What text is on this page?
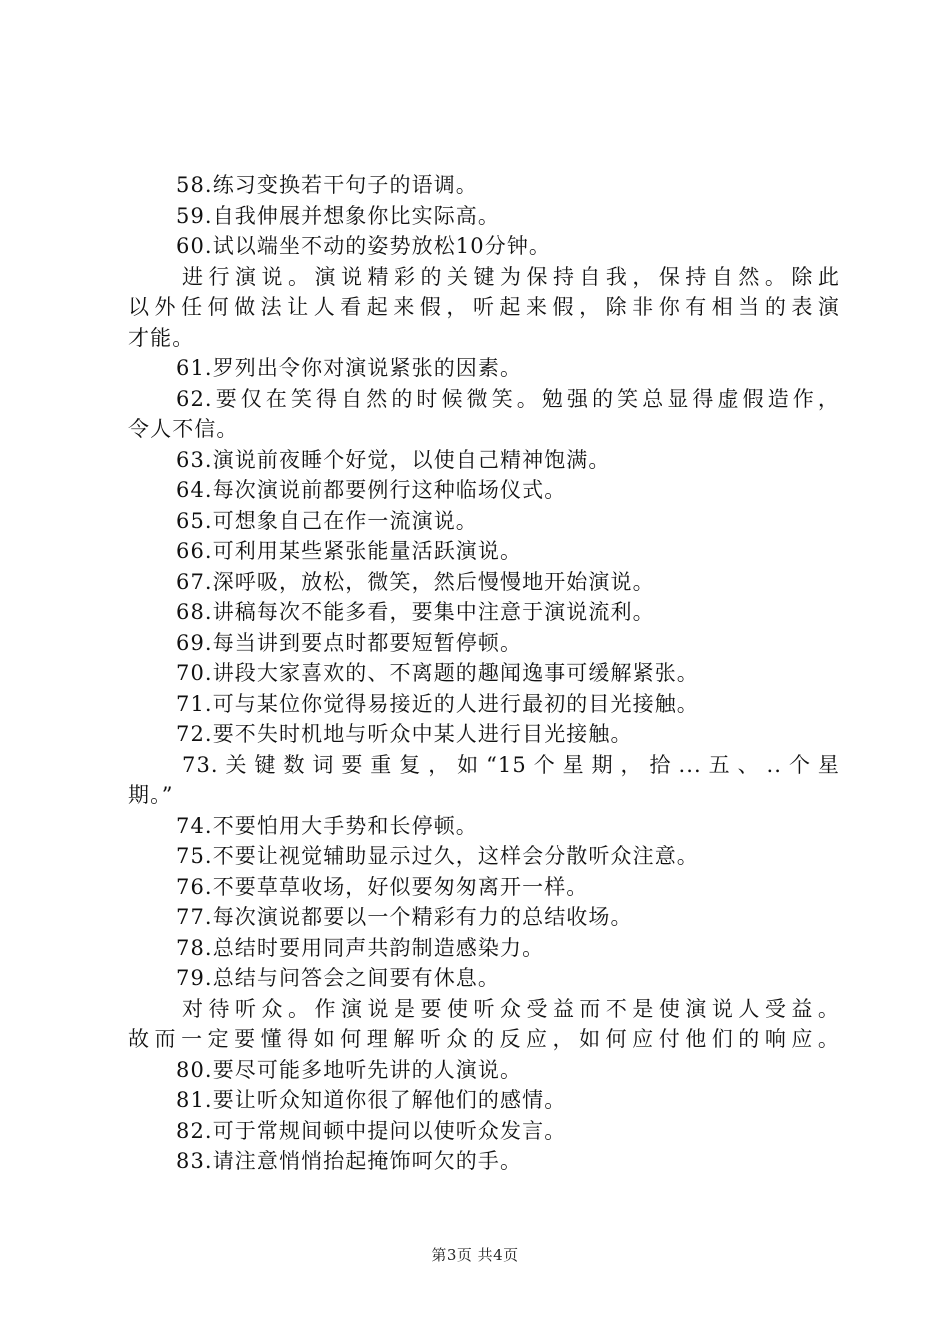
58.练习变换若干句子的语调。
59.自我伸展并想象你比实际高。
60.试以端坐不动的姿势放松10分钟。
进行演说。演说精彩的关键为保持自我，保持自然。除此
以外任何做法让人看起来假，听起来假，除非你有相当的表演
才能。
61.罗列出令你对演说紧张的因素。
62.要仅在笑得自然的时候微笑。勉强的笑总显得虚假造作，
令人不信。
63.演说前夜睡个好觉，以使自己精神饱满。
64.每次演说前都要例行这种临场仪式。
65.可想象自己在作一流演说。
66.可利用某些紧张能量活跃演说。
67.深呼吸，放松，微笑，然后慢慢地开始演说。
68.讲稿每次不能多看，要集中注意于演说流利。
69.每当讲到要点时都要短暂停顿。
70.讲段大家喜欢的、不离题的趣闻逸事可缓解紧张。
71.可与某位你觉得易接近的人进行最初的目光接触。
72.要不失时机地与听众中某人进行目光接触。
73.关键数词要重复，如“15个星期，拾...五、..个星
期。”
74.不要怕用大手势和长停顿。
75.不要让视觉辅助显示过久，这样会分散听众注意。
76.不要草草收场，好似要匆匆离开一样。
77.每次演说都要以一个精彩有力的总结收场。
78.总结时要用同声共韵制造感染力。
79.总结与问答会之间要有休息。
对待听众。作演说是要使听众受益而不是使演说人受益。
故而一定要懂得如何理解听众的反应，如何应付他们的响应。
80.要尽可能多地听先讲的人演说。
81.要让听众知道你很了解他们的感情。
82.可于常规间顿中提问以使听众发言。
83.请注意悄悄抬起掩饰呵欠的手。
第3页 共4页
